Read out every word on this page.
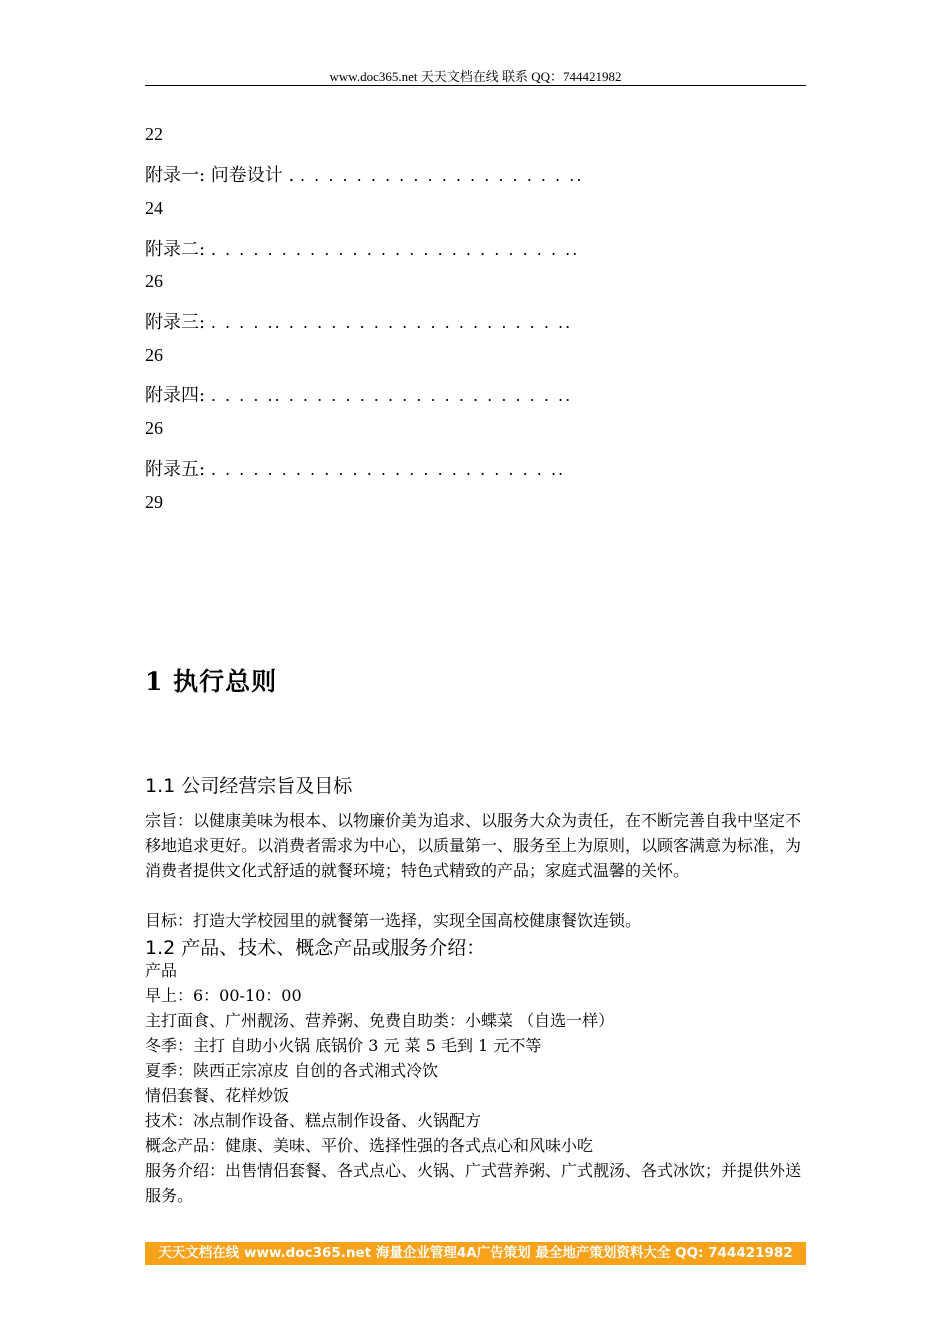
www.doc365.net 天天文档在线 联系 QQ：744421982
22
附录一: 问卷设计 . . . . . . . . . . . . . . . . . . . . ..
24
附录二: . . . . . . . . . . . . . . . . . . . . . . . . . ..
26
附录三: . . . . .. . . . . . . . . . . . . . . . . . . . ..
26
附录四: . . . . .. . . . . . . . . . . . . . . . . . . . ..
26
附录五: . . . . . . . . . . . . . . . . . . . . . . . . ..
29
1 执行总则
1.1 公司经营宗旨及目标
宗旨：以健康美味为根本、以物廉价美为追求、以服务大众为责任，在不断完善自我中坚定不移地追求更好。以消费者需求为中心，以质量第一、服务至上为原则，以顾客满意为标准，为消费者提供文化式舒适的就餐环境；特色式精致的产品；家庭式温馨的关怀。
目标：打造大学校园里的就餐第一选择，实现全国高校健康餐饮连锁。
1.2 产品、技术、概念产品或服务介绍：
产品
早上：6：00-10：00
主打面食、广州靓汤、营养粥、免费自助类：小蝶菜 （自选一样）
冬季：主打 自助小火锅 底锅价 3 元 菜 5 毛到 1 元不等
夏季：陕西正宗凉皮 自创的各式湘式冷饮
情侣套餐、花样炒饭
技术：冰点制作设备、糕点制作设备、火锅配方
概念产品：健康、美味、平价、选择性强的各式点心和风味小吃
服务介绍：出售情侣套餐、各式点心、火锅、广式营养粥、广式靓汤、各式冰饮；并提供外送服务。
天天文档在线 www.doc365.net 海量企业管理4A广告策划 最全地产策划资料大全 QQ: 744421982
